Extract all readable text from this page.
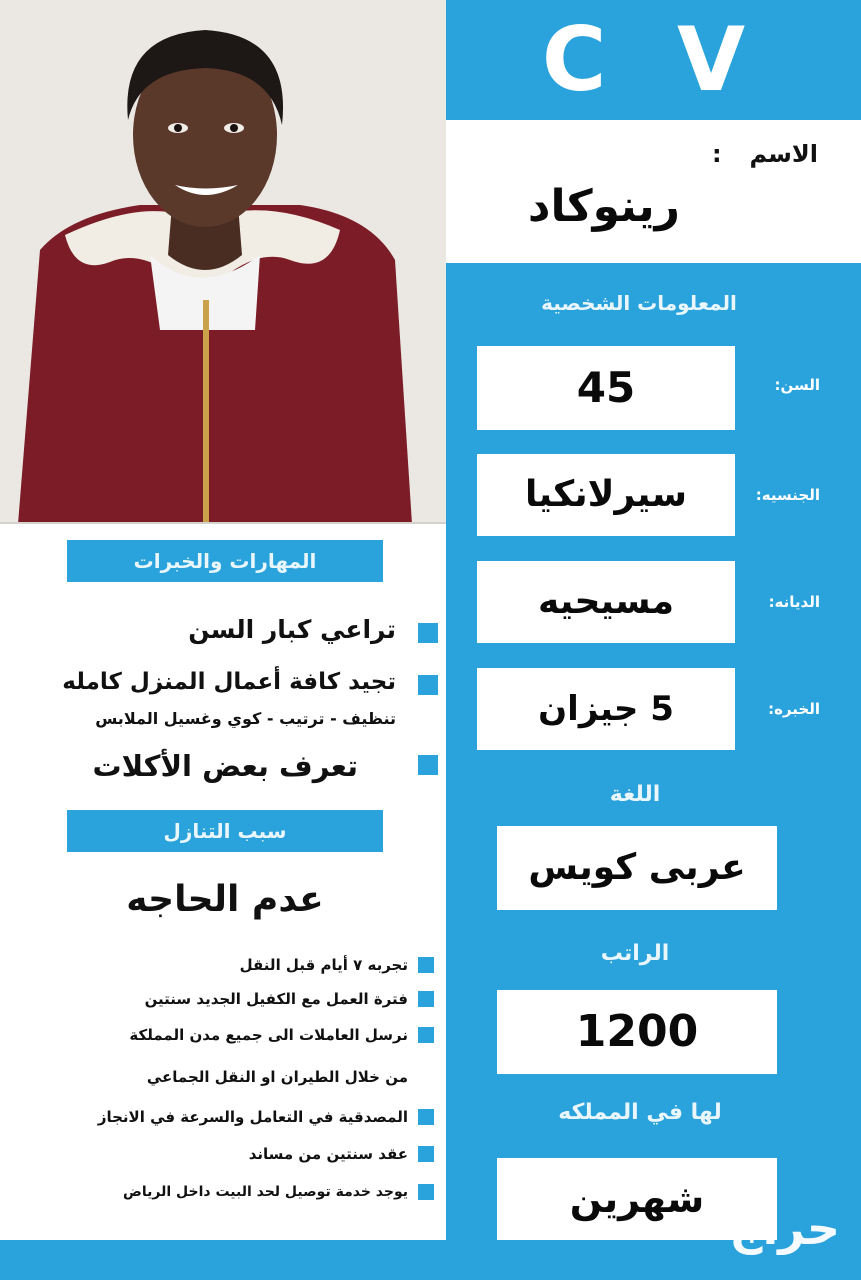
المهارات والخبرات
تراعي كبار السن
تجيد كافة أعمال المنزل كامله
تنظيف - ترتيب - كوي وغسيل الملابس
تعرف بعض الأكلات
سبب التنازل
عدم الحاجه
تجربه ٧ أيام قبل النقل
فترة العمل مع الكفيل الجديد سنتين
نرسل العاملات الى جميع مدن المملكة
من خلال الطيران او النقل الجماعي
المصدقية في التعامل والسرعة في الانجاز
عقد سنتين من مساند
يوجد خدمة توصيل لحد البيت داخل الرياض
C V
الاسم
:
رينوكاد
المعلومات الشخصية
45	السن:
سيرلانكيا	الجنسيه:
مسيحيه	الديانه:
5 جيزان	الخبره:
اللغة
عربى كويس
الراتب
1200
لها في المملكه
شهرين
حراج
